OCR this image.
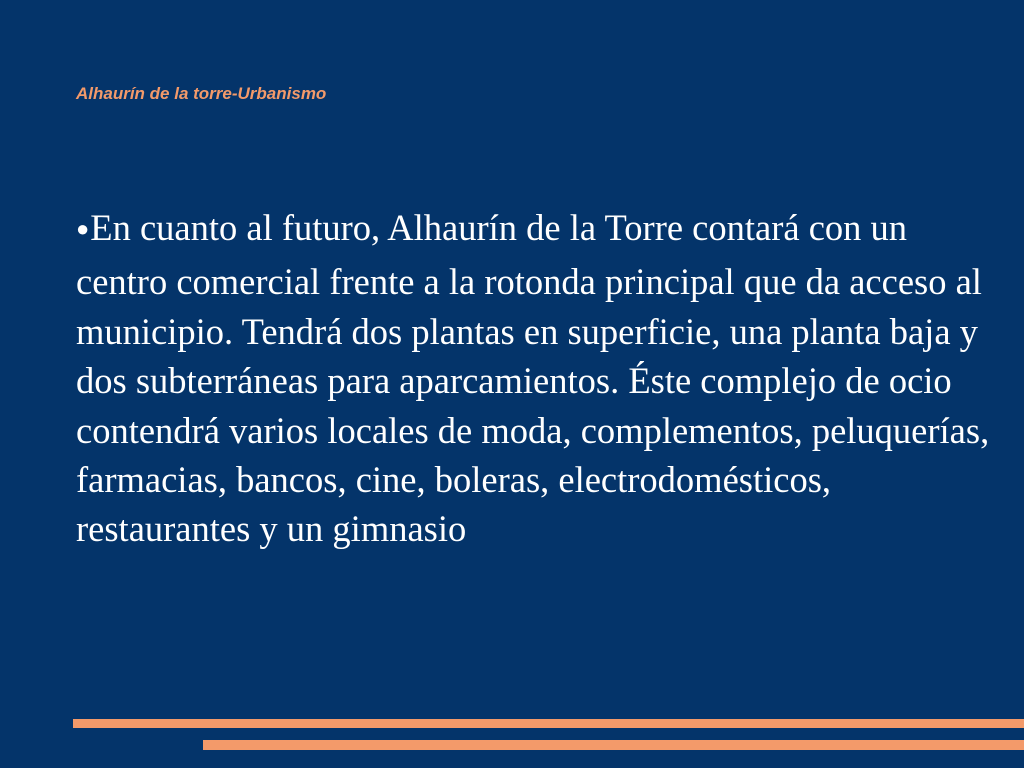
Alhaurín de la torre-Urbanismo

●En cuanto al futuro, Alhaurín de la Torre contará con un centro comercial frente a la rotonda principal que da acceso al municipio. Tendrá dos plantas en superficie, una planta baja y dos subterráneas para aparcamientos. Éste complejo de ocio contendrá varios locales de moda, complementos, peluquerías, farmacias, bancos, cine, boleras, electrodomésticos, restaurantes y un gimnasio
